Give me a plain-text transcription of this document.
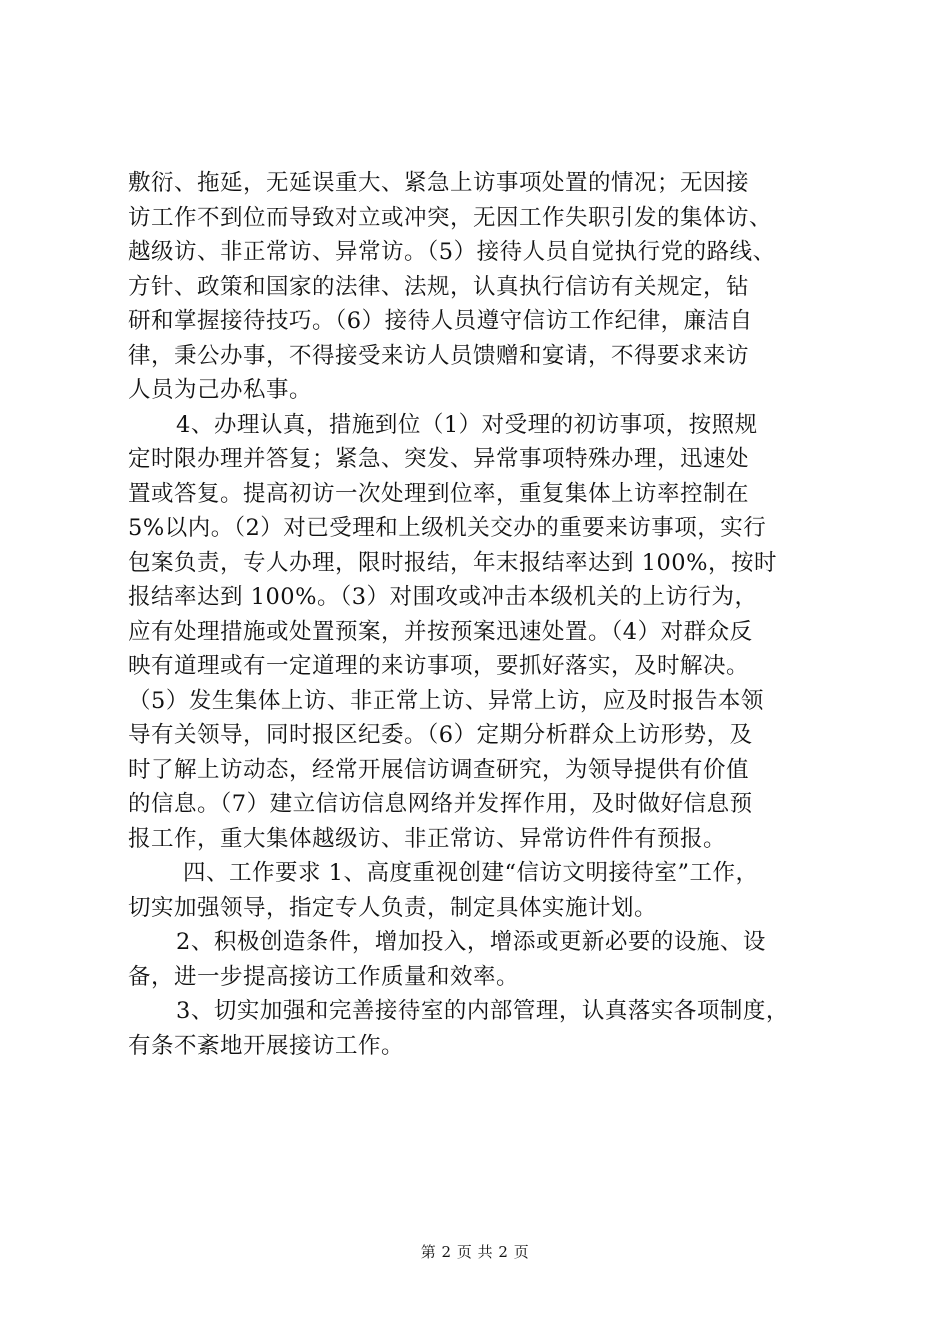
敷衍、拖延，无延误重大、紧急上访事项处置的情况；无因接
访工作不到位而导致对立或冲突，无因工作失职引发的集体访、
越级访、非正常访、异常访。（5）接待人员自觉执行党的路线、
方针、政策和国家的法律、法规，认真执行信访有关规定，钻
研和掌握接待技巧。（6）接待人员遵守信访工作纪律，廉洁自
律，秉公办事，不得接受来访人员馈赠和宴请，不得要求来访
人员为己办私事。
4、办理认真，措施到位（1）对受理的初访事项，按照规
定时限办理并答复；紧急、突发、异常事项特殊办理，迅速处
置或答复。提高初访一次处理到位率，重复集体上访率控制在
5%以内。（2）对已受理和上级机关交办的重要来访事项，实行
包案负责，专人办理，限时报结，年末报结率达到 100%，按时
报结率达到 100%。（3）对围攻或冲击本级机关的上访行为，
应有处理措施或处置预案，并按预案迅速处置。（4）对群众反
映有道理或有一定道理的来访事项，要抓好落实，及时解决。
（5）发生集体上访、非正常上访、异常上访，应及时报告本领
导有关领导，同时报区纪委。（6）定期分析群众上访形势，及
时了解上访动态，经常开展信访调查研究，为领导提供有价值
的信息。（7）建立信访信息网络并发挥作用，及时做好信息预
报工作，重大集体越级访、非正常访、异常访件件有预报。
四、工作要求 1、高度重视创建“信访文明接待室”工作，
切实加强领导，指定专人负责，制定具体实施计划。
2、积极创造条件，增加投入，增添或更新必要的设施、设
备，进一步提高接访工作质量和效率。
3、切实加强和完善接待室的内部管理，认真落实各项制度，
有条不紊地开展接访工作。
第 2 页 共 2 页
